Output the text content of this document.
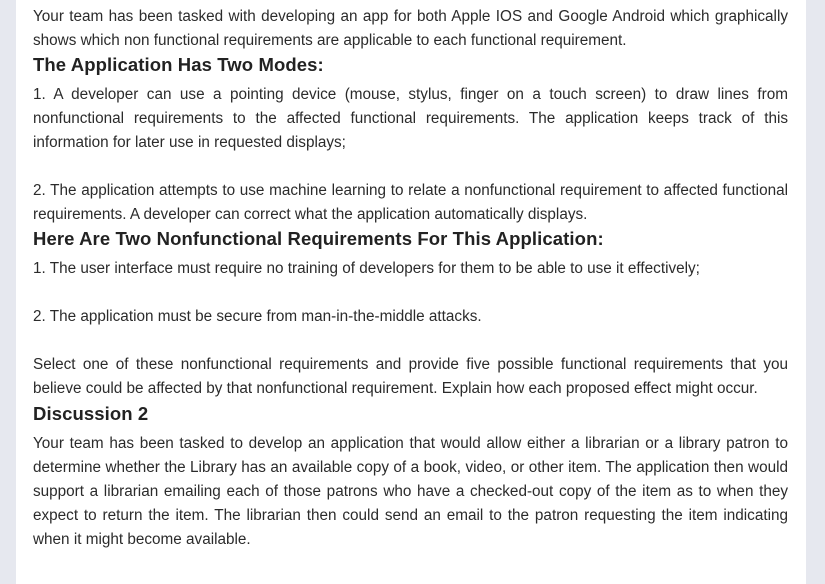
Your team has been tasked with developing an app for both Apple IOS and Google Android which graphically shows which non functional requirements are applicable to each functional requirement.

The Application Has Two Modes:

1. A developer can use a pointing device (mouse, stylus, finger on a touch screen) to draw lines from nonfunctional requirements to the affected functional requirements. The application keeps track of this information for later use in requested displays;

2. The application attempts to use machine learning to relate a nonfunctional requirement to affected functional requirements. A developer can correct what the application automatically displays.

Here Are Two Nonfunctional Requirements For This Application:

1. The user interface must require no training of developers for them to be able to use it effectively;

2. The application must be secure from man-in-the-middle attacks.

Select one of these nonfunctional requirements and provide five possible functional requirements that you believe could be affected by that nonfunctional requirement. Explain how each proposed effect might occur.

Discussion 2

Your team has been tasked to develop an application that would allow either a librarian or a library patron to determine whether the Library has an available copy of a book, video, or other item. The application then would support a librarian emailing each of those patrons who have a checked-out copy of the item as to when they expect to return the item. The librarian then could send an email to the patron requesting the item indicating when it might become available.
